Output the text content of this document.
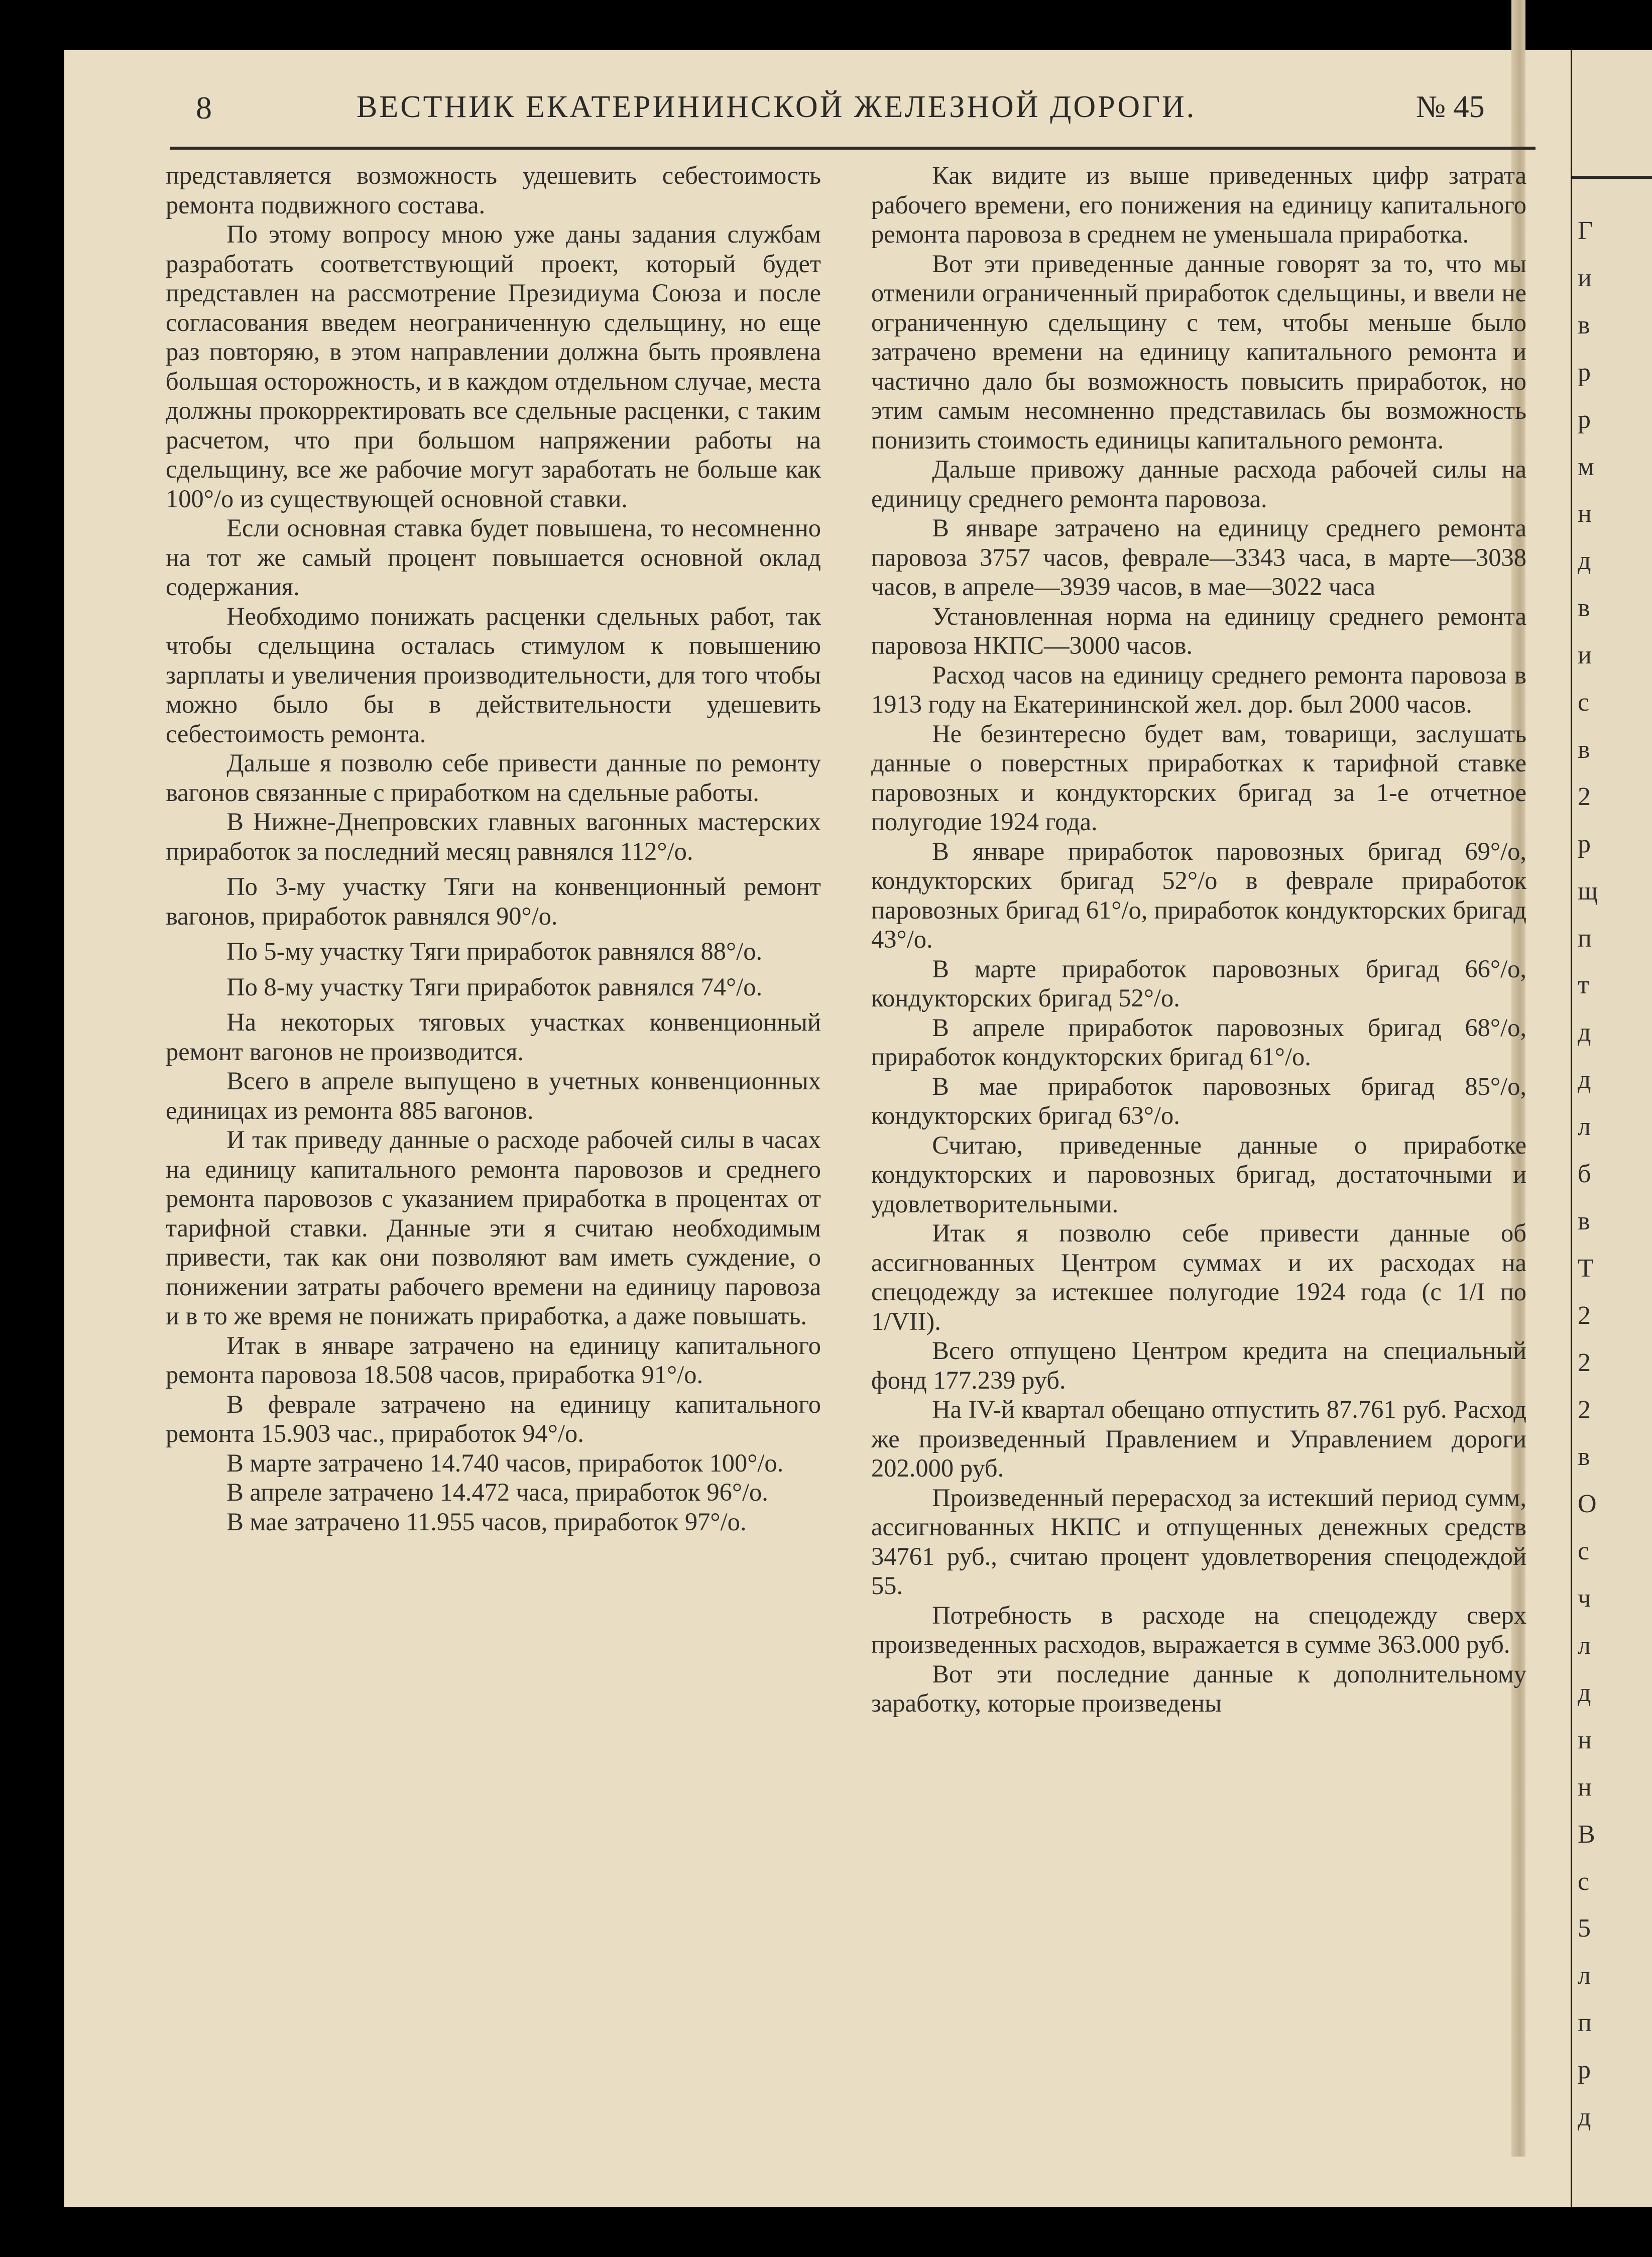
Г
и
в
р
р
м
н
д
в
и
с
в
2
р
щ
п
т
д
д
л
б
в
Т
2
2
2
в
О
с
ч
л
д
н
н
В
с
5
л
п
р
д
8	ВЕСТНИК ЕКАТЕРИНИНСКОЙ ЖЕЛЕЗНОЙ ДОРОГИ.	№ 45

представляется возможность удешевить себестоимость ремонта подвижного состава.

По этому вопросу мною уже даны задания службам разработать соответствующий проект, который будет представлен на рассмотрение Президиума Союза и после согласования введем неограниченную сдельщину, но еще раз повторяю, в этом направлении должна быть проявлена большая осторожность, и в каждом отдельном случае, места должны прокорректировать все сдельные расценки, с таким расчетом, что при большом напряжении работы на сдельщину, все же рабочие могут заработать не больше как 100°/о из существующей основной ставки.

Если основная ставка будет повышена, то несомненно на тот же самый процент повышается основной оклад содержания.

Необходимо понижать расценки сдельных работ, так чтобы сдельщина осталась стимулом к повышению зарплаты и увеличения производительности, для того чтобы можно было бы в действительности удешевить себестоимость ремонта.

Дальше я позволю себе привести данные по ремонту вагонов связанные с приработком на сдельные работы.

В Нижне-Днепровских главных вагонных мастерских приработок за последний месяц равнялся 112°/о.

По 3-му участку Тяги на конвенционный ремонт вагонов, приработок равнялся 90°/о.

По 5-му участку Тяги приработок равнялся 88°/о.

По 8-му участку Тяги приработок равнялся 74°/о.

На некоторых тяговых участках конвенционный ремонт вагонов не производится.

Всего в апреле выпущено в учетных конвенционных единицах из ремонта 885 вагонов.

И так приведу данные о расходе рабочей силы в часах на единицу капитального ремонта паровозов и среднего ремонта паровозов с указанием приработка в процентах от тарифной ставки. Данные эти я считаю необходимым привести, так как они позволяют вам иметь суждение, о понижении затраты рабочего времени на единицу паровоза и в то же время не понижать приработка, а даже повышать.

Итак в январе затрачено на единицу капитального ремонта паровоза 18.508 часов, приработка 91°/о.

В феврале затрачено на единицу капитального ремонта 15.903 час., приработок 94°/о.

В марте затрачено 14.740 часов, приработок 100°/о.

В апреле затрачено 14.472 часа, приработок 96°/о.

В мае затрачено 11.955 часов, приработок 97°/о.

Как видите из выше приведенных цифр затрата рабочего времени, его понижения на единицу капитального ремонта паровоза в среднем не уменьшала приработка.

Вот эти приведенные данные говорят за то, что мы отменили ограниченный приработок сдельщины, и ввели не ограниченную сдельщину с тем, чтобы меньше было затрачено времени на единицу капитального ремонта и частично дало бы возможность повысить приработок, но этим самым несомненно представилась бы возможность понизить стоимость единицы капитального ремонта.

Дальше привожу данные расхода рабочей силы на единицу среднего ремонта паровоза.

В январе затрачено на единицу среднего ремонта паровоза 3757 часов, феврале—3343 часа, в марте—3038 часов, в апреле—3939 часов, в мае—3022 часа

Установленная норма на единицу среднего ремонта паровоза НКПС—3000 часов.

Расход часов на единицу среднего ремонта паровоза в 1913 году на Екатерининской жел. дор. был 2000 часов.

Не безинтересно будет вам, товарищи, заслушать данные о поверстных приработках к тарифной ставке паровозных и кондукторских бригад за 1-е отчетное полугодие 1924 года.

В январе приработок паровозных бригад 69°/о, кондукторских бригад 52°/о в феврале приработок паровозных бригад 61°/о, приработок кондукторских бригад 43°/о.

В марте приработок паровозных бригад 66°/о, кондукторских бригад 52°/о.

В апреле приработок паровозных бригад 68°/о, приработок кондукторских бригад 61°/о.

В мае приработок паровозных бригад 85°/о, кондукторских бригад 63°/о.

Считаю, приведенные данные о приработке кондукторских и паровозных бригад, достаточными и удовлетворительными.

Итак я позволю себе привести данные об ассигнованных Центром суммах и их расходах на спецодежду за истекшее полугодие 1924 года (с 1/I по 1/VII).

Всего отпущено Центром кредита на специальный фонд 177.239 руб.

На IV-й квартал обещано отпустить 87.761 руб. Расход же произведенный Правлением и Управлением дороги 202.000 руб.

Произведенный перерасход за истекший период сумм, ассигнованных НКПС и отпущенных денежных средств 34761 руб., считаю процент удовлетворения спецодеждой 55.

Потребность в расходе на спецодежду сверх произведенных расходов, выражается в сумме 363.000 руб.

Вот эти последние данные к дополнительному заработку, которые произведены
